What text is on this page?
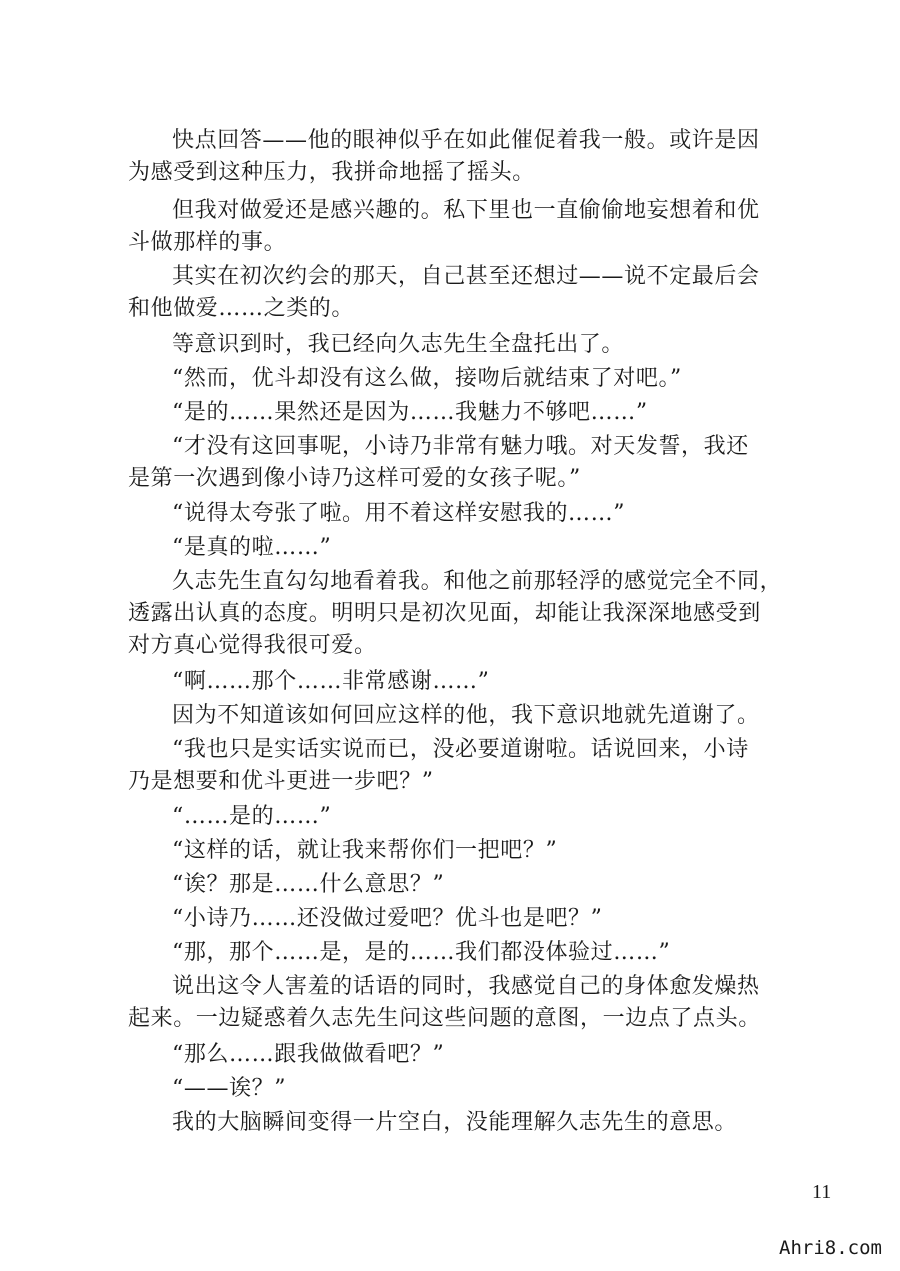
快点回答——他的眼神似乎在如此催促着我一般。或许是因
为感受到这种压力，我拼命地摇了摇头。
但我对做爱还是感兴趣的。私下里也一直偷偷地妄想着和优
斗做那样的事。
其实在初次约会的那天，自己甚至还想过——说不定最后会
和他做爱……之类的。
等意识到时，我已经向久志先生全盘托出了。
“然而，优斗却没有这么做，接吻后就结束了对吧。”
“是的……果然还是因为……我魅力不够吧……”
“才没有这回事呢，小诗乃非常有魅力哦。对天发誓，我还
是第一次遇到像小诗乃这样可爱的女孩子呢。”
“说得太夸张了啦。用不着这样安慰我的……”
“是真的啦……”
久志先生直勾勾地看着我。和他之前那轻浮的感觉完全不同，
透露出认真的态度。明明只是初次见面，却能让我深深地感受到
对方真心觉得我很可爱。
“啊……那个……非常感谢……”
因为不知道该如何回应这样的他，我下意识地就先道谢了。
“我也只是实话实说而已，没必要道谢啦。话说回来，小诗
乃是想要和优斗更进一步吧？”
“……是的……”
“这样的话，就让我来帮你们一把吧？”
“诶？那是……什么意思？”
“小诗乃……还没做过爱吧？优斗也是吧？”
“那，那个……是，是的……我们都没体验过……”
说出这令人害羞的话语的同时，我感觉自己的身体愈发燥热
起来。一边疑惑着久志先生问这些问题的意图，一边点了点头。
“那么……跟我做做看吧？”
“——诶？”
我的大脑瞬间变得一片空白，没能理解久志先生的意思。
11
Ahri8.com
